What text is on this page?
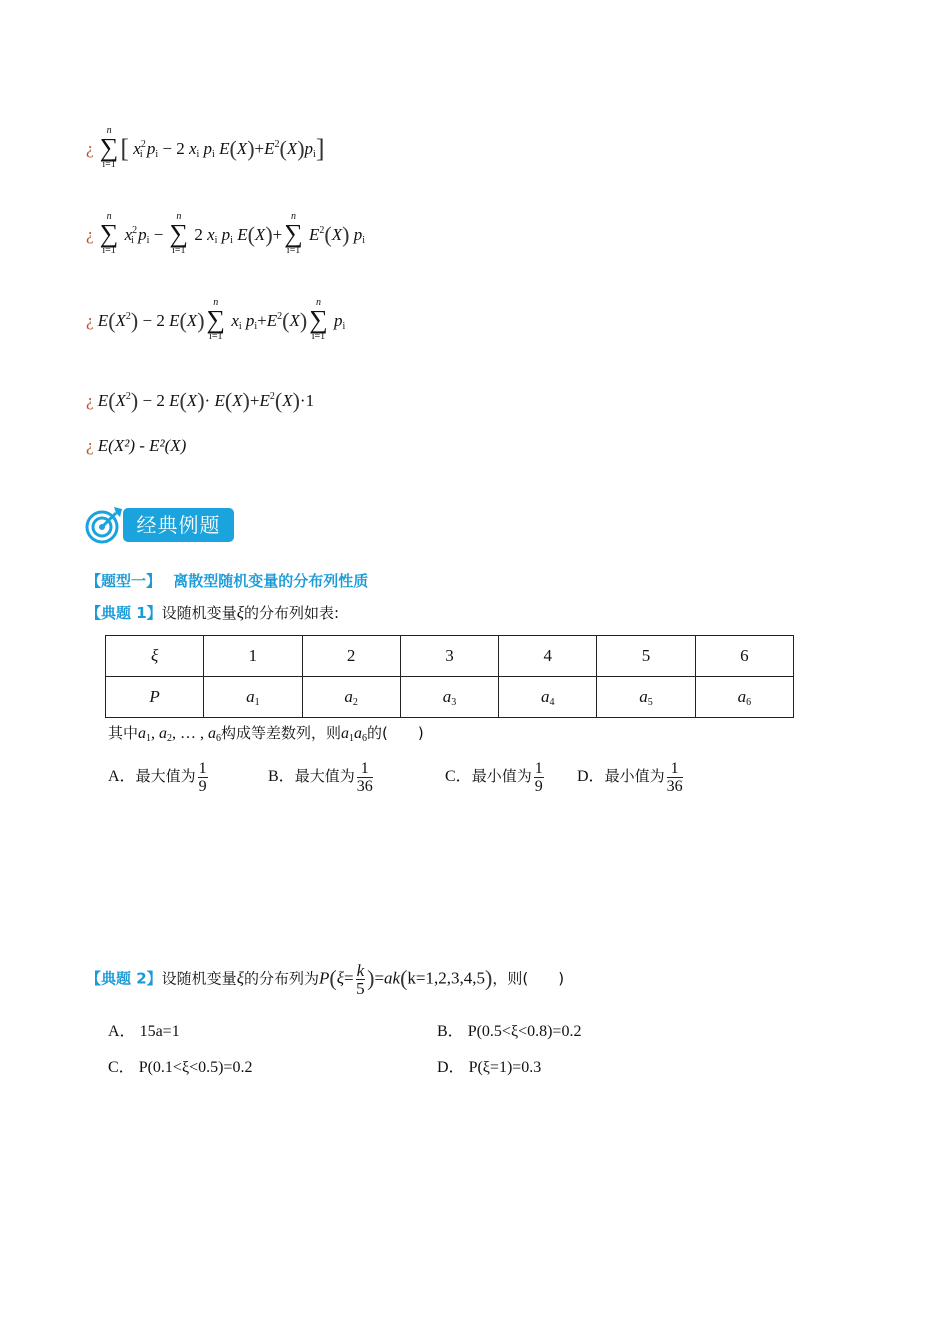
¿
n
∑
i=1
[ $x^2_i$ $p_i - 2$ $x_i$ $p_i$ $E(X)+E^2(X)p_i$]
¿
n
∑
i=1
$x^2_i$ $p_i$ −
n
∑
i=1
2 $x_i$ $p_i$ E(X)+
n
∑
i=1
$E^2(X)$ $p_i$
¿ $E(X^2) - 2$ E(X)
n
∑
i=1
$x_i$ $p_i+E^2(X)$
n
∑
i=1
$p_i$
¿ $E(X^2) - 2$ $E(X)\cdot E(X)+E^2(X)\cdot 1$
¿ E(X²) - E²(X)
经典例题
【题型一】 离散型随机变量的分布列性质
【典题 1】设随机变量ξ的分布列如表:
ξ	1	2	3	4	5	6
P	$a_1$	$a_2$	$a_3$	$a_4$	$a_5$	$a_6$
其中$a_1$, $a_2$, … , $a_6$构成等差数列，则$a_1a_6$的(　　)
A．最大值为 $\frac{1}{9}$	B．最大值为 $\frac{1}{36}$	C．最小值为 $\frac{1}{9}$ D．最小值为 $\frac{1}{36}$
【典题 2】设随机变量ξ的分布列为$P(\xi= \frac{k}{5} )=ak(k=1,2,3,4,5)$，则(　　)
A． 15a=1	B． P(0.5<ξ<0.8)=0.2
C． P(0.1<ξ<0.5)=0.2	D． P(ξ=1)=0.3
